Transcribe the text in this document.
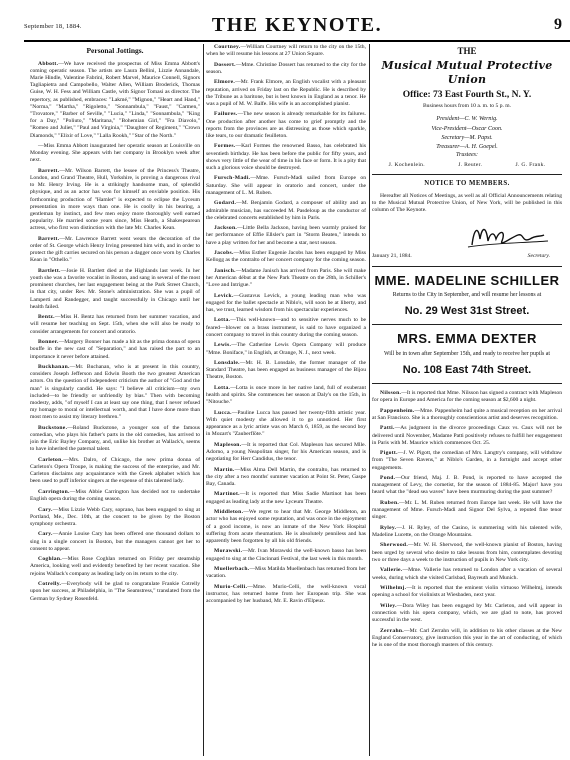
September 18, 1884.	THE KEYNOTE.	9
Personal Jottings.
Abbott.—We have received the prospectus of Miss Emma Abbott's coming operatic season. The artists are Laura Bellini, Lizzie Annandale, Marie Hindle, Valentine Fabrini, Robert Marvel, Maurice Connell, Signors Tagliapietra and Campobello, Walter Allen, William Broderick, Thomas Guise, W. H. Fess and William Castle, with Signor Tomasi as director. The repertory, as published, embraces: "Lakmé," "Mignon," "Heart and Hand," "Norma," "Martha," "Rigoletto," "Sonnambula," "Faust," "Carmen," "Trovatore," "Barber of Seville," "Lucia," "Linda," "Sonnambula," "King for a Day," "Poliuto," "Maritana," "Bohemian Girl," "Fra Diavolo," "Romeo and Juliet," "Paul and Virginia," "Daughter of Regiment," "Crown Diamonds," "Elixir of Love," "Lalla Rookh," "Star of the North."
—Miss Emma Abbott inaugurated her operatic season at Louisville on Monday evening. She appears with her company in Brooklyn week after next.
Barrett.—Mr. Wilson Barrett, the lessee of the Princess's Theatre, London, and Grand Theatre, Hull, Yorkshire, is proving a dangerous rival to Mr. Henry Irving. He is a strikingly handsome man, of splendid physique, and as an actor has won for himself an enviable position. His forthcoming production of "Hamlet" is expected to eclipse the Lyceum presentation in more ways than one. He is coolly in his bearing, a gentleman by instinct, and few men enjoy more thoroughly well earned popularity. He married some years since, Miss Heath, a Shakespearean actress, who first won distinction with the late Mr. Charles Kean.
Barrett.—Mr. Lawrence Barrett went wears the decoration of the order of St. George which Henry Irving presented him with, and in order to protect the gift carries secured on his person a dagger once worn by Charles Kean in "Othello."
Bartlett.—Josie H. Bartlett died at the Highlands last week. In her youth she was a favorite vocalist in Boston, and sang in several of the most prominent churches, her last engagement being at the Park Street Church, in that city, under Rev. Mr. Stone's administration. She was a pupil of Lamperti and Randegger, and taught successfully in Chicago until her health failed.
Bentz.—Miss H. Bentz has returned from her summer vacation, and will resume her teaching on Sept. 15th, when she will also be ready to consider arrangements for concert and oratorio.
Bonner.—Margery Bonner has made a hit as the prima donna of opera bouffe in the new cast of "Separation," and has raised the part to an importance it never before attained.
Buckhanan.—Mr. Buchanan, who is at present in this country, considers Joseph Jefferson and Edwin Booth the two greatest American actors. On the question of independent criticism the author of "God and the man" is singularly candid. He says: "I believe all criticism—my own included—to be friendly or unfriendly by bias." Then with becoming modesty, adds, "of myself I can at least say one thing, that I never refused my homage to moral or intellectual worth, and that I have done more than most men to assist my literary brethren."
Buckstone.—Roland Buckstone, a younger son of the famous comedian, who plays his father's parts in the old comedies, has arrived to join the Eric Bayley Company, and, unlike his brother at Wallack's, seems to have inherited the paternal talent.
Carleton.—Mrs. Dalro, of Chicago, the new prima donna of Carleton's Opera Troupe, is making the success of the enterprise, and Mr. Carleton disclaims any acquaintance with the Greek alphabet which has been used to puff inferior singers at the expense of this talented lady.
Carrington.—Miss Abbie Carrington has decided not to undertake English opera during the coming season.
Cary.—Miss Lizzie Webb Cary, soprano, has been engaged to sing at Portland, Me., Dec. 10th, at the concert to be given by the Boston symphony orchestra.
Cary.—Annie Louise Cary has been offered one thousand dollars to sing in a single concert in Boston, but the managers cannot get her to consent to appear.
Coghlan.—Miss Rose Coghlan returned on Friday per steamship America, looking well and evidently benefited by her recent vacation. She rejoins Wallack's company as leading lady on its return to the city.
Cotrelly.—Everybody will be glad to congratulate Frankie Cotrelly upon her success, at Philadelphia, in "The Seamstress," translated from the German by Sydney Rosenfeld.
Courtney.—William Courtney will return to the city on the 15th, when he will resume his lessons at 27 Union Square.
Dossert.—Mme. Christine Dossert has returned to the city for the season.
Elmore.—Mr. Frank Elmore, an English vocalist with a pleasant reputation, arrived on Friday last on the Republic. He is described by the Tribune as a baritone, but is best known in England as a tenor. He was a pupil of M. W. Balfe. His wife is an accomplished pianist.
Failures.—The new season is already remarkable for its failures. One production after another has come to grief promptly and the reports from the provinces are as distressing as those which sparkle, like tears, to our dramatic feuilleton.
Formes.—Karl Formes the renowned Basso, has celebrated his seventieth birthday. He has been before the public for fifty years, and shows very little of the wear of time in his face or form. It is a pity that such a glorious voice should be destroyed.
Fursch-Madi.—Mme. Fursch-Madi sailed from Europe on Saturday. She will appear in oratorio and concert, under the management of L. M. Ruben.
Godard.—M. Benjamin Godard, a composer of ability and an admirable musician, has succeeded M. Pasdeloup as the conductor of the celebrated concerts established by him in Paris.
Jackson.—Little Bella Jackson, having been warmly praised for her performance of Effie Ellsler's part in "Storm Beaten," intends to have a play written for her and become a star, next season.
Jacobs.—Miss Esther Eugenie Jacobs has been engaged by Miss Kellogg as the contralto of her concert company for the coming season.
Janisch.—Madame Janisch has arrived from Paris. She will make her American début at the New Park Theatre on the 28th, in Schiller's "Love and Intrigue."
Levick.—Gustavus Levick, a young leading man who was engaged for the ballet spectacle at Niblo's, will soon be at liberty, and has, we trust, learned wisdom from his spectacular experiences.
Lotta.—This well-known—and to sensitive nerves much to be feared—blower on a brass instrument, is said to have organized a concert company to travel in this country during the coming season.
Lewis.—The Catherine Lewis Opera Company will produce "Mme. Boniface," in English, at Orange, N. J., next week.
Lonsdale.—Mr. H. B. Lonsdale, the former manager of the Standard Theatre, has been engaged as business manager of the Bijou Theatre, Boston.
Lotta.—Lotta is once more in her native land, full of exuberant health and spirits. She commences her season at Daly's on the 15th, in "Nitouche."
Lucca.—Pauline Lucca has passed her twenty-fifth artistic year. With quiet modesty she allowed it to go unnoticed. Her first appearance as a lyric artiste was on March 6, 1859, as the second boy in Mozart's "Zauberflöte."
Mapleson.—It is reported that Col. Mapleson has secured Mlle. Adorno, a young Neapolitan singer, for his American season, and is negotiating for Herr Candidus, the tenor.
Martin.—Miss Alma Dell Martin, the contralto, has returned to the city after a two months' summer vacation at Point St. Peter, Gaspe Bay, Canada.
Martinot.—It is reported that Miss Sadie Martinot has been engaged as leading lady at the new Lyceum Theatre.
Middleton.—We regret to hear that Mr. George Middleton, an actor who has enjoyed some reputation, and was once in the enjoyment of a good income, is now an inmate of the New York Hospital suffering from acute rheumatism. He is absolutely penniless and has apparently been forgotten by all his old friends.
Morawski.—Mr. Ivan Morawski the well-known basso has been engaged to sing at the Cincinnati Festival, the last week in this month.
Muellerbach.—Miss Matilda Muellenbach has returned from her vacation.
Murio-Celli.—Mme. Murio-Celli, the well-known vocal instructor, has returned home from her European trip. She was accompanied by her husband, Mr. E. Ravin d'Elpeux.
THE
Musical Mutual Protective Union
Office: 73 East Fourth St., N. Y.
Business hours from 10 a. m. to 5 p. m.
President—C. W. Wernig.
Vice-President—Oscar Coon.
Secretary—M. Papst.
Treasurer—A. H. Goepel.
Trustees:
J. Kochenlein.	J. Reuter.	J. G. Frank.
NOTICE TO MEMBERS.
Hereafter all Notices of Meetings, as well as all Official Announcements relating to the Musical Mutual Protective Union, of New York, will be published in this column of The Keynote.
January 21, 1884.	Secretary.
MME. MADELINE SCHILLER
Returns to the City in September, and will resume her lessons at
No. 29 West 31st Street.
MRS. EMMA DEXTER
Will be in town after September 15th, and ready to receive her pupils at
No. 108 East 74th Street.
Nilsson.—It is reported that Mme. Nilsson has signed a contract with Mapleson for opera in Europe and America for the coming season at $2,600 a night.
Pappenheim.—Mme. Pappenheim had quite a musical reception on her arrival at San Francisco. She is a thoroughly conscientious artist and deserves recognition.
Patti.—As judgment in the divorce proceedings Caux vs. Caux will not be delivered until November, Madame Patti positively refuses to fulfill her engagement in Paris with M. Maurice which commences Oct. 25.
Pigott.—J. W. Pigott, the comedian of Mrs. Langtry's company, will withdraw from "The Seven Ravens," at Niblo's Garden, in a fortnight and accept other engagements.
Pond.—Our friend, Maj. J. B. Pond, is reported to have accepted the management of Levy, the cornetist, for the season of 1884-85. Major! have you heard what the "dead sea waves" have been murmuring during the past summer?
Ruben.—Mr. L. M. Ruben returned from Europe last week. He will have the management of Mme. Fursch-Madi and Signor Del Sylva, a reputed fine tenor singer.
Ryley.—J. H. Ryley, of the Casino, is summering with his talented wife, Madeline Lucette, on the Orange Mountains.
Sherwood.—Mr. W. H. Sherwood, the well-known pianist of Boston, having been urged by several who desire to take lessons from him, contemplates devoting two or three days a week to the instruction of pupils in New York city.
Vallerie.—Mme. Vallerie has returned to London after a vacation of several weeks, during which she visited Carlsbad, Bayreuth and Munich.
Wilhelmj.—It is reported that the eminent violin virtuoso Wilhelmj, intends opening a school for violinists at Wiesbaden, next year.
Wiley.—Dora Wiley has been engaged by Mr. Carleton, and will appear in connection with his opera company, which, we are glad to note, has proved successful in the west.
Zerrahn.—Mr. Carl Zerrahn will, in addition to his other classes at the New England Conservatory, give instruction this year in the art of conducting, of which he is one of the most thorough masters of this century.
